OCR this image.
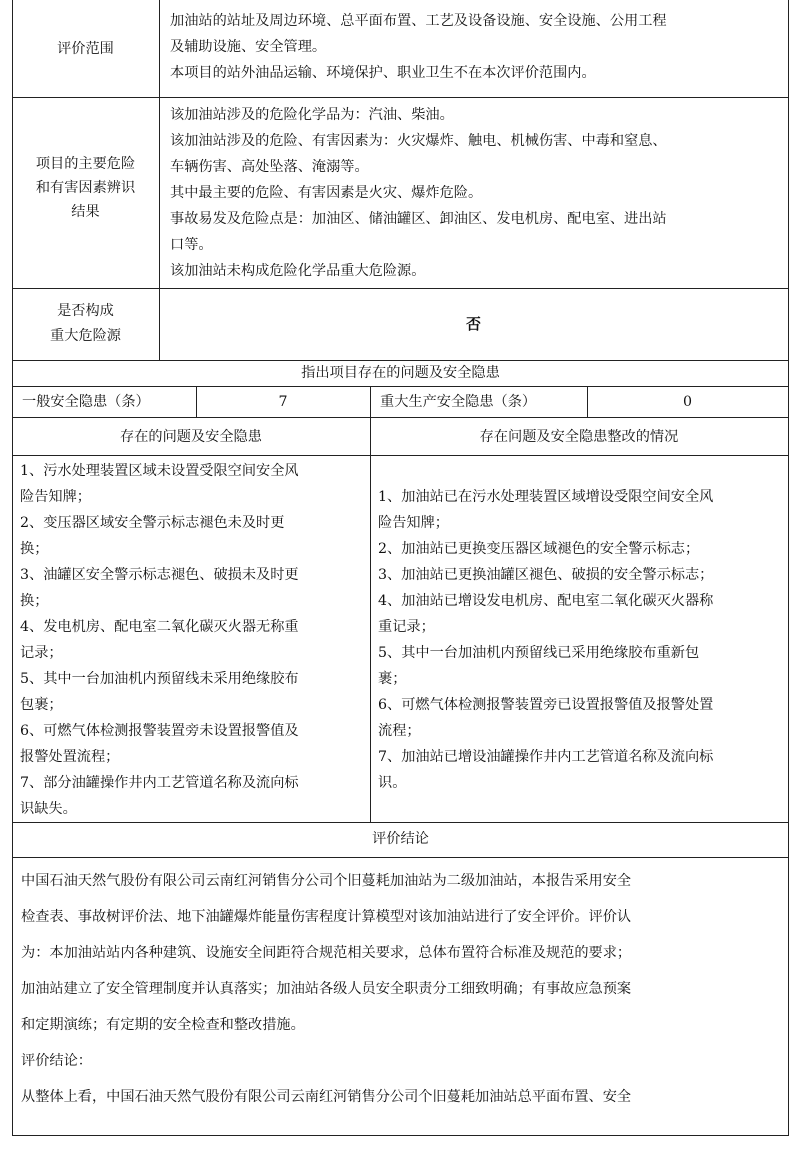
评价范围
加油站的站址及周边环境、总平面布置、工艺及设备设施、安全设施、公用工程
及辅助设施、安全管理。
本项目的站外油品运输、环境保护、职业卫生不在本次评价范围内。
项目的主要危险
和有害因素辨识
结果
该加油站涉及的危险化学品为：汽油、柴油。
该加油站涉及的危险、有害因素为：火灾爆炸、触电、机械伤害、中毒和窒息、
车辆伤害、高处坠落、淹溺等。
其中最主要的危险、有害因素是火灾、爆炸危险。
事故易发及危险点是：加油区、储油罐区、卸油区、发电机房、配电室、进出站
口等。
该加油站未构成危险化学品重大危险源。
是否构成
重大危险源
否
指出项目存在的问题及安全隐患
一般安全隐患（条）	7	重大生产安全隐患（条）	0
存在的问题及安全隐患	存在问题及安全隐患整改的情况
1、污水处理装置区域未设置受限空间安全风
险告知牌；
2、变压器区域安全警示标志褪色未及时更
换；
3、油罐区安全警示标志褪色、破损未及时更
换；
4、发电机房、配电室二氧化碳灭火器无称重
记录；
5、其中一台加油机内预留线未采用绝缘胶布
包裹；
6、可燃气体检测报警装置旁未设置报警值及
报警处置流程；
7、部分油罐操作井内工艺管道名称及流向标
识缺失。
1、加油站已在污水处理装置区域增设受限空间安全风
险告知牌；
2、加油站已更换变压器区域褪色的安全警示标志；
3、加油站已更换油罐区褪色、破损的安全警示标志；
4、加油站已增设发电机房、配电室二氧化碳灭火器称
重记录；
5、其中一台加油机内预留线已采用绝缘胶布重新包
裹；
6、可燃气体检测报警装置旁已设置报警值及报警处置
流程；
7、加油站已增设油罐操作井内工艺管道名称及流向标
识。
评价结论
中国石油天然气股份有限公司云南红河销售分公司个旧蔓耗加油站为二级加油站，本报告采用安全
检查表、事故树评价法、地下油罐爆炸能量伤害程度计算模型对该加油站进行了安全评价。评价认
为：本加油站站内各种建筑、设施安全间距符合规范相关要求，总体布置符合标准及规范的要求；
加油站建立了安全管理制度并认真落实；加油站各级人员安全职责分工细致明确；有事故应急预案
和定期演练；有定期的安全检查和整改措施。
评价结论：
从整体上看，中国石油天然气股份有限公司云南红河销售分公司个旧蔓耗加油站总平面布置、安全
